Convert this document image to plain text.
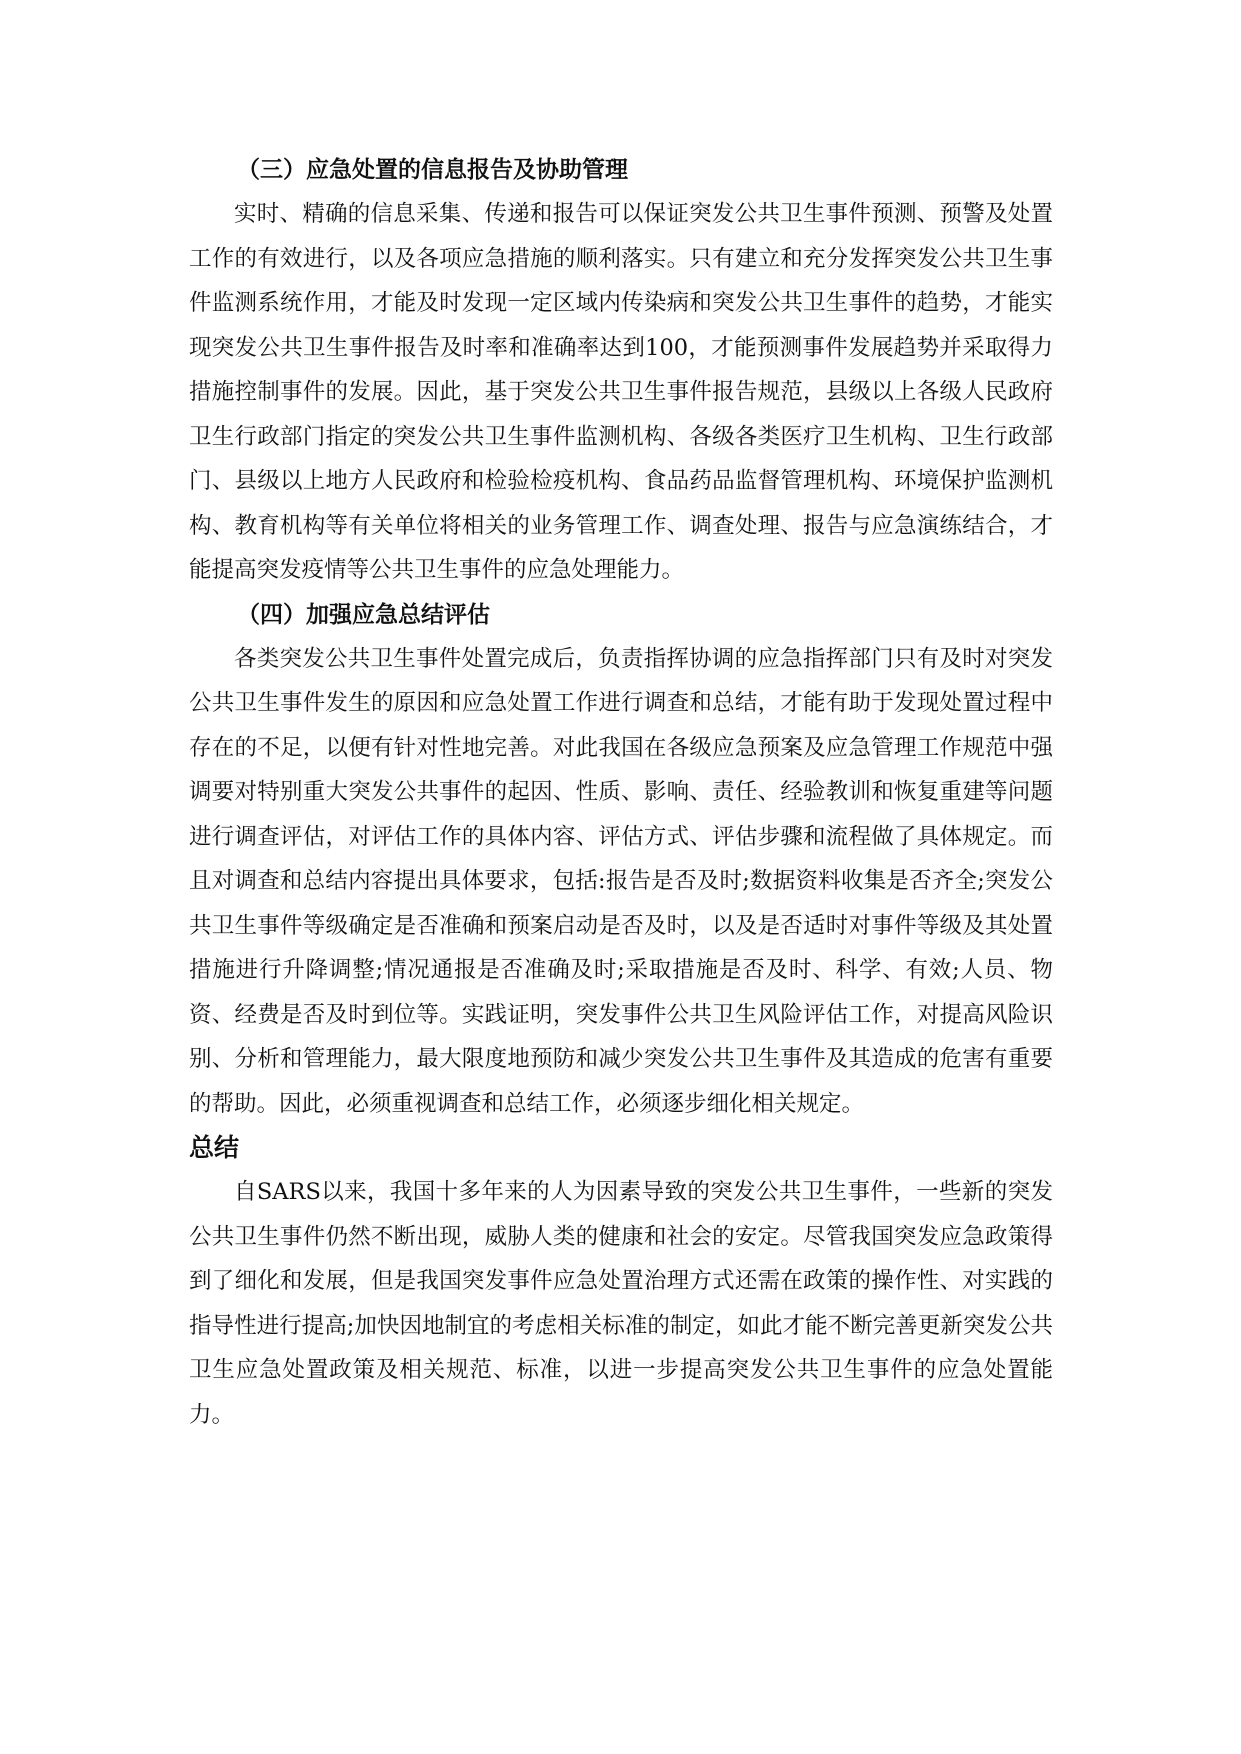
（三）应急处置的信息报告及协助管理

实时、精确的信息采集、传递和报告可以保证突发公共卫生事件预测、预警及处置工作的有效进行，以及各项应急措施的顺利落实。只有建立和充分发挥突发公共卫生事件监测系统作用，才能及时发现一定区域内传染病和突发公共卫生事件的趋势，才能实现突发公共卫生事件报告及时率和准确率达到100，才能预测事件发展趋势并采取得力措施控制事件的发展。因此，基于突发公共卫生事件报告规范，县级以上各级人民政府卫生行政部门指定的突发公共卫生事件监测机构、各级各类医疗卫生机构、卫生行政部门、县级以上地方人民政府和检验检疫机构、食品药品监督管理机构、环境保护监测机构、教育机构等有关单位将相关的业务管理工作、调查处理、报告与应急演练结合，才能提高突发疫情等公共卫生事件的应急处理能力。

（四）加强应急总结评估

各类突发公共卫生事件处置完成后，负责指挥协调的应急指挥部门只有及时对突发公共卫生事件发生的原因和应急处置工作进行调查和总结，才能有助于发现处置过程中存在的不足，以便有针对性地完善。对此我国在各级应急预案及应急管理工作规范中强调要对特别重大突发公共事件的起因、性质、影响、责任、经验教训和恢复重建等问题进行调查评估，对评估工作的具体内容、评估方式、评估步骤和流程做了具体规定。而且对调查和总结内容提出具体要求，包括:报告是否及时;数据资料收集是否齐全;突发公共卫生事件等级确定是否准确和预案启动是否及时，以及是否适时对事件等级及其处置措施进行升降调整;情况通报是否准确及时;采取措施是否及时、科学、有效;人员、物资、经费是否及时到位等。实践证明，突发事件公共卫生风险评估工作，对提高风险识别、分析和管理能力，最大限度地预防和减少突发公共卫生事件及其造成的危害有重要的帮助。因此，必须重视调查和总结工作，必须逐步细化相关规定。

总结

自SARS以来，我国十多年来的人为因素导致的突发公共卫生事件，一些新的突发公共卫生事件仍然不断出现，威胁人类的健康和社会的安定。尽管我国突发应急政策得到了细化和发展，但是我国突发事件应急处置治理方式还需在政策的操作性、对实践的指导性进行提高;加快因地制宜的考虑相关标准的制定，如此才能不断完善更新突发公共卫生应急处置政策及相关规范、标准，以进一步提高突发公共卫生事件的应急处置能力。
